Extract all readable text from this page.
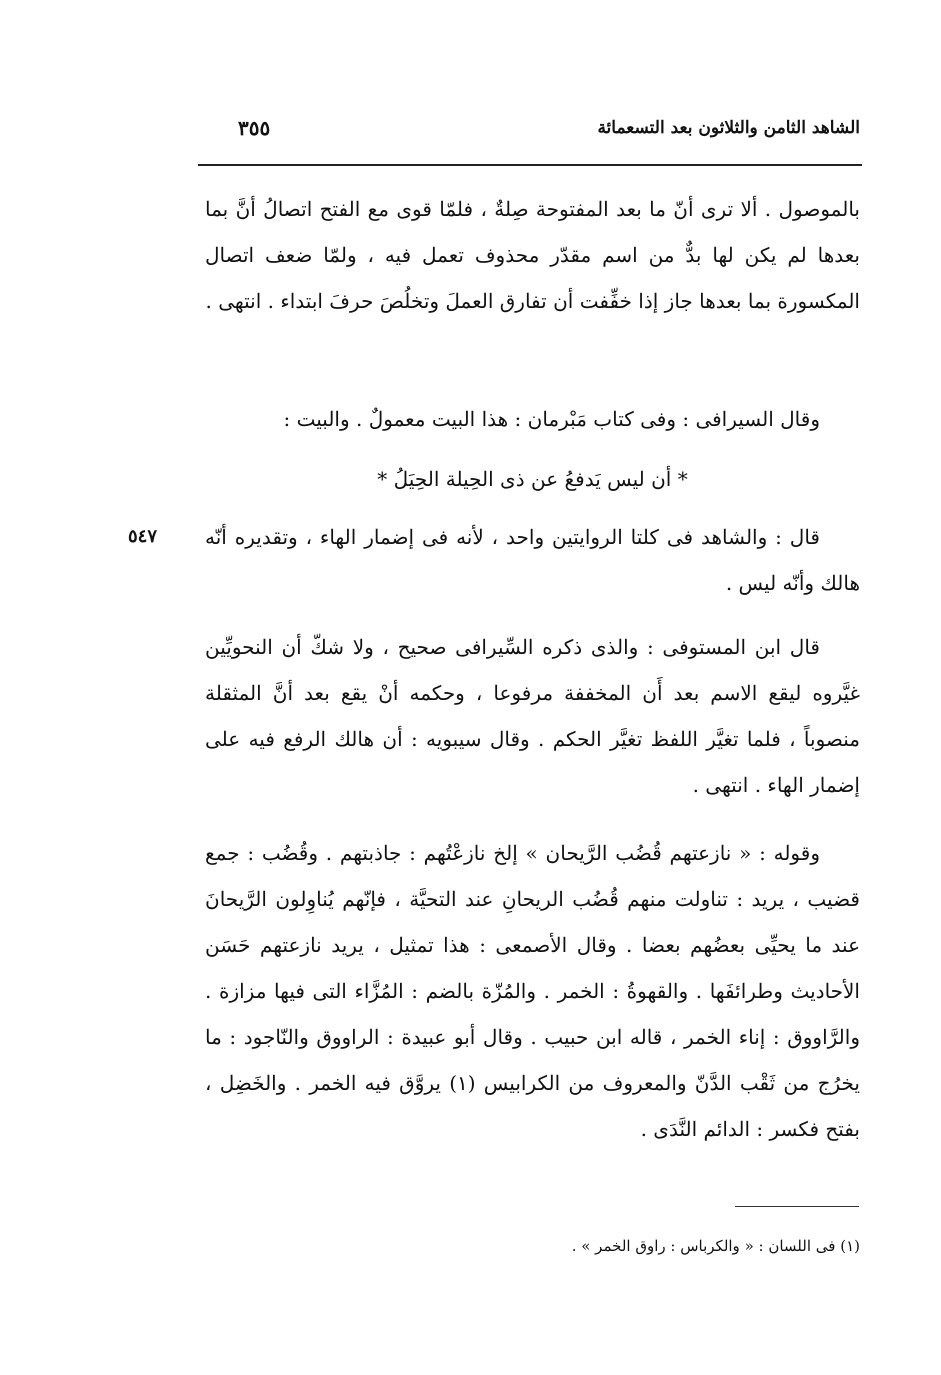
الشاهد الثامن والثلاثون بعد التسعمائة
٣٥٥

بالموصول . ألا ترى أنّ ما بعد المفتوحة صِلةٌ ، فلمّا قوى مع الفتح اتصالُ أنَّ بما بعدها لم يكن لها بدٌّ من اسم مقدّر محذوف تعمل فيه ، ولمّا ضعف اتصال المكسورة بما بعدها جاز إذا خفِّفت أن تفارق العملَ وتخلُصَ حرفَ ابتداء . انتهى .

وقال السيرافى : وفى كتاب مَبْرمان : هذا البيت معمولٌ . والبيت :

* أن ليس يَدفعُ عن ذى الحِيلة الحِيَلُ *
٥٤٧ قال : والشاهد فى كلتا الروايتين واحد ، لأنه فى إضمار الهاء ، وتقديره أنّه هالك وأنّه ليس .

قال ابن المستوفى : والذى ذكره السِّيرافى صحيح ، ولا شكّ أن النحويِّين غيَّروه ليقع الاسم بعد أَن المخففة مرفوعا ، وحكمه أنْ يقع بعد أنَّ المثقلة منصوباً ، فلما تغيَّر اللفظ تغيَّر الحكم . وقال سيبويه : أن هالك الرفع فيه على إضمار الهاء . انتهى .

وقوله : « نازعتهم قُضُب الرَّيحان » إلخ نازعْتُهم : جاذبتهم . وقُضُب : جمع قضيب ، يريد : تناولت منهم قُضُب الريحانِ عند التحيَّة ، فإنّهم يُناوِلون الرَّيحانَ عند ما يحيِّى بعضُهم بعضا . وقال الأصمعى : هذا تمثيل ، يريد نازعتهم حَسَن الأحاديث وطرائفَها . والقهوةُ : الخمر . والمُزّة بالضم : المُزَّاء التى فيها مزازة . والرَّاووق : إناء الخمر ، قاله ابن حبيب . وقال أبو عبيدة : الراووق والنّاجود : ما يخرُج من ثَقْب الدَّنّ والمعروف من الكرابيس (١) يروَّق فيه الخمر . والخَضِل ، بفتح فكسر : الدائم النَّدَى .

(١) فى اللسان : « والكرباس : راوق الخمر » .
